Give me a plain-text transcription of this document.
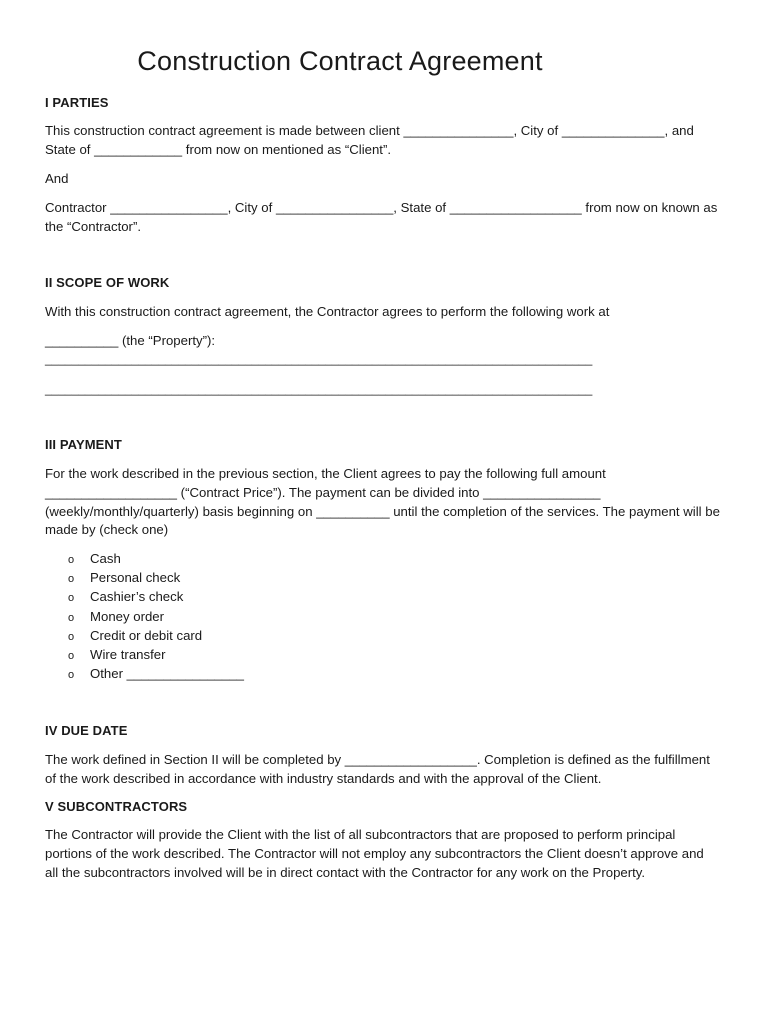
Construction Contract Agreement
I PARTIES
This construction contract agreement is made between client _______________, City of ______________, and State of ____________ from now on mentioned as “Client”.
And
Contractor ________________, City of ________________, State of __________________ from now on known as the “Contractor”.
II SCOPE OF WORK
With this construction contract agreement, the Contractor agrees to perform the following work at
__________ (the “Property”):
__________________________________________________________________________________
__________________________________________________________________________________
III PAYMENT
For the work described in the previous section, the Client agrees to pay the following full amount __________________ (“Contract Price”). The payment can be divided into ________________ (weekly/monthly/quarterly) basis beginning on __________ until the completion of the services. The payment will be made by (check one)
o Cash
o Personal check
o Cashier’s check
o Money order
o Credit or debit card
o Wire transfer
o Other ________________
IV DUE DATE
The work defined in Section II will be completed by __________________. Completion is defined as the fulfillment of the work described in accordance with industry standards and with the approval of the Client.
V SUBCONTRACTORS
The Contractor will provide the Client with the list of all subcontractors that are proposed to perform principal portions of the work described. The Contractor will not employ any subcontractors the Client doesn’t approve and all the subcontractors involved will be in direct contact with the Contractor for any work on the Property.
